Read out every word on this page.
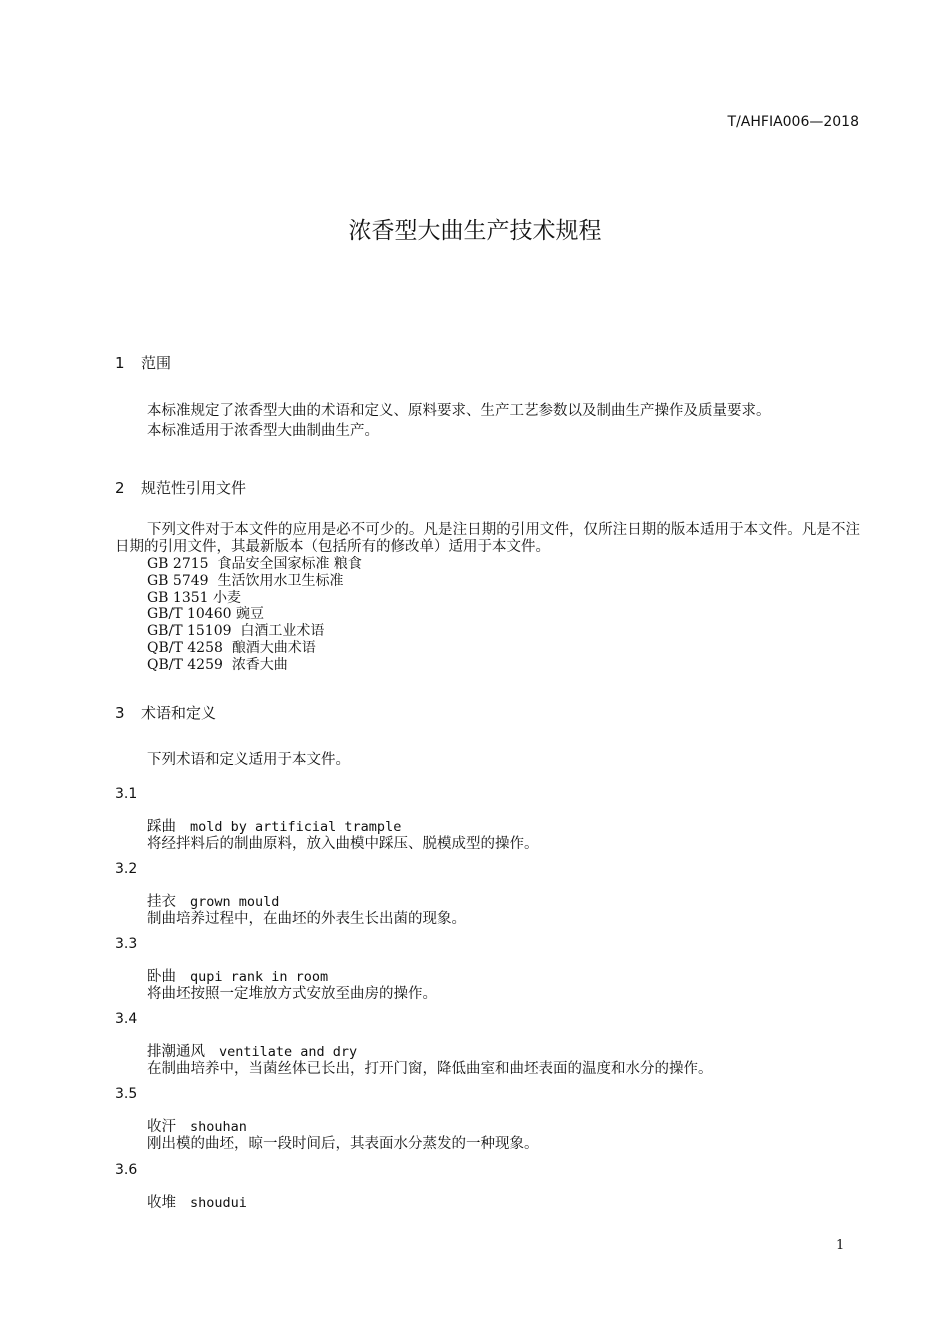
T/AHFIA006—2018
浓香型大曲生产技术规程
1 范围
本标准规定了浓香型大曲的术语和定义、原料要求、生产工艺参数以及制曲生产操作及质量要求。
本标准适用于浓香型大曲制曲生产。
2 规范性引用文件
下列文件对于本文件的应用是必不可少的。凡是注日期的引用文件，仅所注日期的版本适用于本文件。凡是不注日期的引用文件，其最新版本（包括所有的修改单）适用于本文件。
GB 2715 食品安全国家标准 粮食
GB 5749 生活饮用水卫生标准
GB 1351 小麦
GB/T 10460 豌豆
GB/T 15109 白酒工业术语
QB/T 4258 酿酒大曲术语
QB/T 4259 浓香大曲
3 术语和定义
下列术语和定义适用于本文件。
3.1
踩曲 mold by artificial trample
将经拌料后的制曲原料，放入曲模中踩压、脱模成型的操作。
3.2
挂衣 grown mould
制曲培养过程中，在曲坯的外表生长出菌的现象。
3.3
卧曲 qupi rank in room
将曲坯按照一定堆放方式安放至曲房的操作。
3.4
排潮通风 ventilate and dry
在制曲培养中，当菌丝体已长出，打开门窗，降低曲室和曲坯表面的温度和水分的操作。
3.5
收汗 shouhan
刚出模的曲坯，晾一段时间后，其表面水分蒸发的一种现象。
3.6
收堆 shoudui
1
